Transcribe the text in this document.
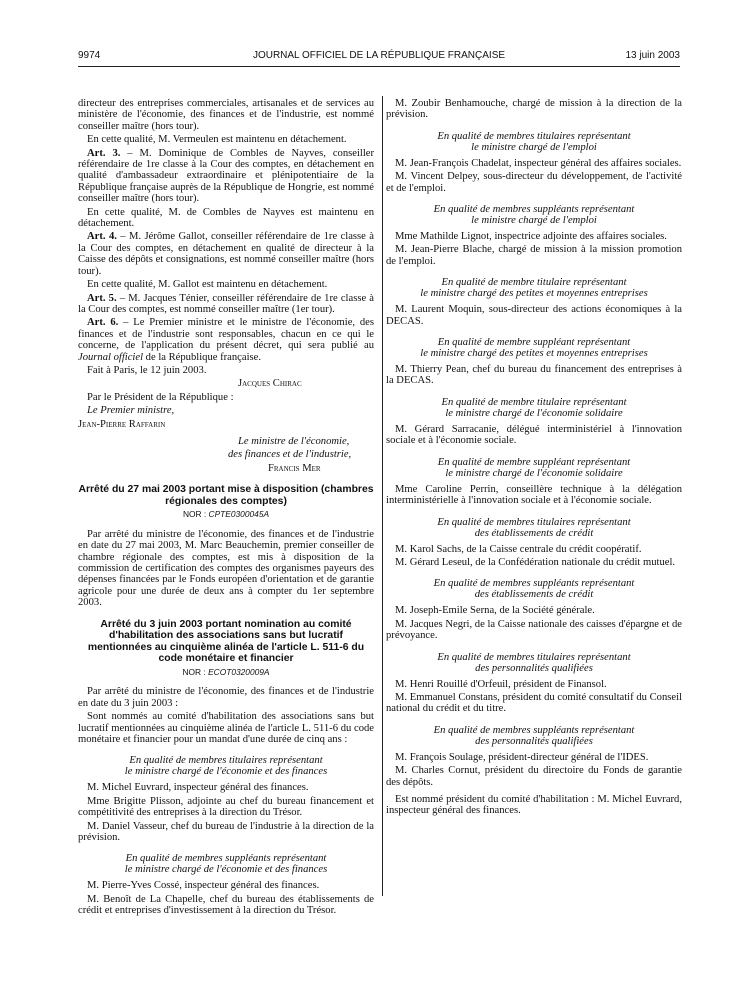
9974	JOURNAL OFFICIEL DE LA RÉPUBLIQUE FRANÇAISE	13 juin 2003

directeur des entreprises commerciales, artisanales et de services au ministère de l'économie, des finances et de l'industrie, est nommé conseiller maître (hors tour).

En cette qualité, M. Vermeulen est maintenu en détachement.

Art. 3. – M. Dominique de Combles de Nayves, conseiller référendaire de 1re classe à la Cour des comptes, en détachement en qualité d'ambassadeur extraordinaire et plénipotentiaire de la République française auprès de la République de Hongrie, est nommé conseiller maître (hors tour).

En cette qualité, M. de Combles de Nayves est maintenu en détachement.

Art. 4. – M. Jérôme Gallot, conseiller référendaire de 1re classe à la Cour des comptes, en détachement en qualité de directeur à la Caisse des dépôts et consignations, est nommé conseiller maître (hors tour).

En cette qualité, M. Gallot est maintenu en détachement.

Art. 5. – M. Jacques Ténier, conseiller référendaire de 1re classe à la Cour des comptes, est nommé conseiller maître (1er tour).

Art. 6. – Le Premier ministre et le ministre de l'économie, des finances et de l'industrie sont responsables, chacun en ce qui le concerne, de l'application du présent décret, qui sera publié au Journal officiel de la République française.

Fait à Paris, le 12 juin 2003.

Jacques Chirac

Par le Président de la République :

Le Premier ministre,

Jean-Pierre Raffarin

Le ministre de l'économie,

des finances et de l'industrie,

Francis Mer

Arrêté du 27 mai 2003 portant mise à disposition (chambres régionales des comptes)
NOR : CPTE0300045A

Par arrêté du ministre de l'économie, des finances et de l'industrie en date du 27 mai 2003, M. Marc Beauchemin, premier conseiller de chambre régionale des comptes, est mis à disposition de la commission de certification des comptes des organismes payeurs des dépenses financées par le Fonds européen d'orientation et de garantie agricole pour une durée de deux ans à compter du 1er septembre 2003.

Arrêté du 3 juin 2003 portant nomination au comité d'habilitation des associations sans but lucratif mentionnées au cinquième alinéa de l'article L. 511-6 du code monétaire et financier
NOR : ECOT0320009A

Par arrêté du ministre de l'économie, des finances et de l'industrie en date du 3 juin 2003 :

Sont nommés au comité d'habilitation des associations sans but lucratif mentionnées au cinquième alinéa de l'article L. 511-6 du code monétaire et financier pour un mandat d'une durée de cinq ans :

En qualité de membres titulaires représentant
le ministre chargé de l'économie et des finances

M. Michel Euvrard, inspecteur général des finances.

Mme Brigitte Plisson, adjointe au chef du bureau financement et compétitivité des entreprises à la direction du Trésor.

M. Daniel Vasseur, chef du bureau de l'industrie à la direction de la prévision.

En qualité de membres suppléants représentant
le ministre chargé de l'économie et des finances

M. Pierre-Yves Cossé, inspecteur général des finances.

M. Benoît de La Chapelle, chef du bureau des établissements de crédit et entreprises d'investissement à la direction du Trésor.

M. Zoubir Benhamouche, chargé de mission à la direction de la prévision.

En qualité de membres titulaires représentant
le ministre chargé de l'emploi

M. Jean-François Chadelat, inspecteur général des affaires sociales.

M. Vincent Delpey, sous-directeur du développement, de l'activité et de l'emploi.

En qualité de membres suppléants représentant
le ministre chargé de l'emploi

Mme Mathilde Lignot, inspectrice adjointe des affaires sociales.

M. Jean-Pierre Blache, chargé de mission à la mission promotion de l'emploi.

En qualité de membre titulaire représentant
le ministre chargé des petites et moyennes entreprises

M. Laurent Moquin, sous-directeur des actions économiques à la DECAS.

En qualité de membre suppléant représentant
le ministre chargé des petites et moyennes entreprises

M. Thierry Pean, chef du bureau du financement des entreprises à la DECAS.

En qualité de membre titulaire représentant
le ministre chargé de l'économie solidaire

M. Gérard Sarracanie, délégué interministériel à l'innovation sociale et à l'économie sociale.

En qualité de membre suppléant représentant
le ministre chargé de l'économie solidaire

Mme Caroline Perrin, conseillère technique à la délégation interministérielle à l'innovation sociale et à l'économie sociale.

En qualité de membres titulaires représentant
des établissements de crédit

M. Karol Sachs, de la Caisse centrale du crédit coopératif.

M. Gérard Leseul, de la Confédération nationale du crédit mutuel.

En qualité de membres suppléants représentant
des établissements de crédit

M. Joseph-Emile Serna, de la Société générale.

M. Jacques Negri, de la Caisse nationale des caisses d'épargne et de prévoyance.

En qualité de membres titulaires représentant
des personnalités qualifiées

M. Henri Rouillé d'Orfeuil, président de Finansol.

M. Emmanuel Constans, président du comité consultatif du Conseil national du crédit et du titre.

En qualité de membres suppléants représentant
des personnalités qualifiées

M. François Soulage, président-directeur général de l'IDES.

M. Charles Cornut, président du directoire du Fonds de garantie des dépôts.

Est nommé président du comité d'habilitation : M. Michel Euvrard, inspecteur général des finances.
